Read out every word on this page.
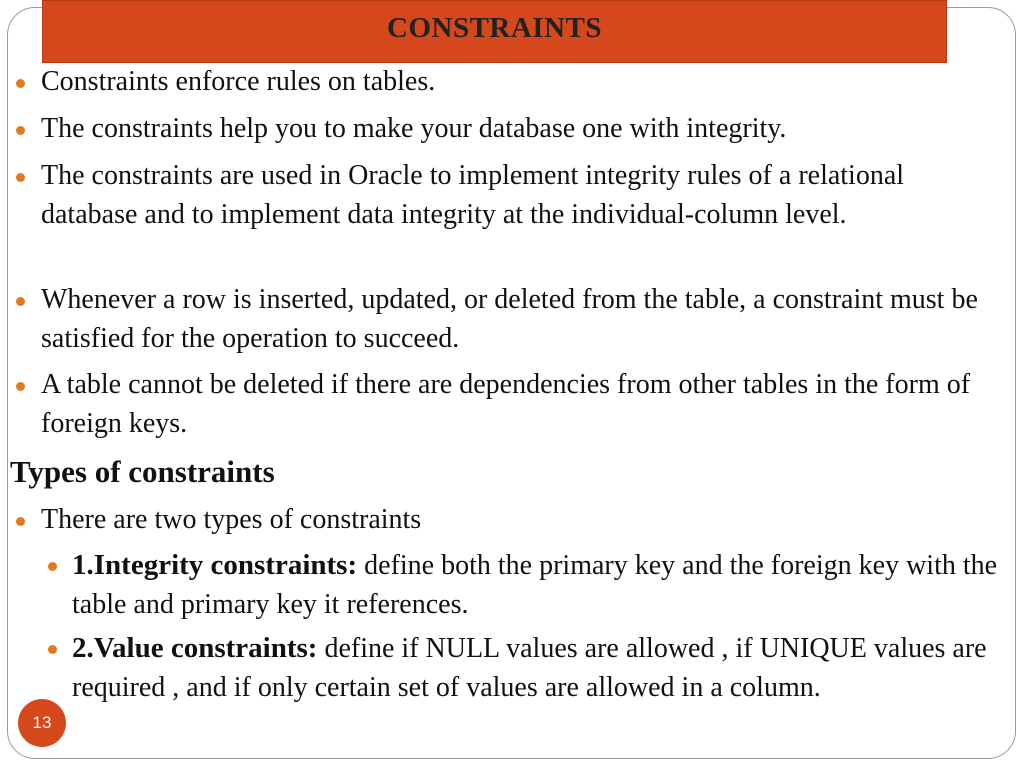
CONSTRAINTS
Constraints enforce rules on tables.
The constraints help you to make your database one with integrity.
The constraints are used in Oracle to implement integrity rules of a relational database and to implement data integrity at the individual-column level.
Whenever a row is inserted, updated, or deleted from the table, a constraint must be satisfied for the operation to succeed.
A table cannot be deleted if there are dependencies from other tables in the form of foreign keys.
Types of constraints
There are two types of constraints
1.Integrity constraints: define both the primary key and the foreign key with the table and primary key it references.
2.Value constraints: define if NULL values are allowed , if UNIQUE values are required , and if only certain set of values are allowed in a column.
13
